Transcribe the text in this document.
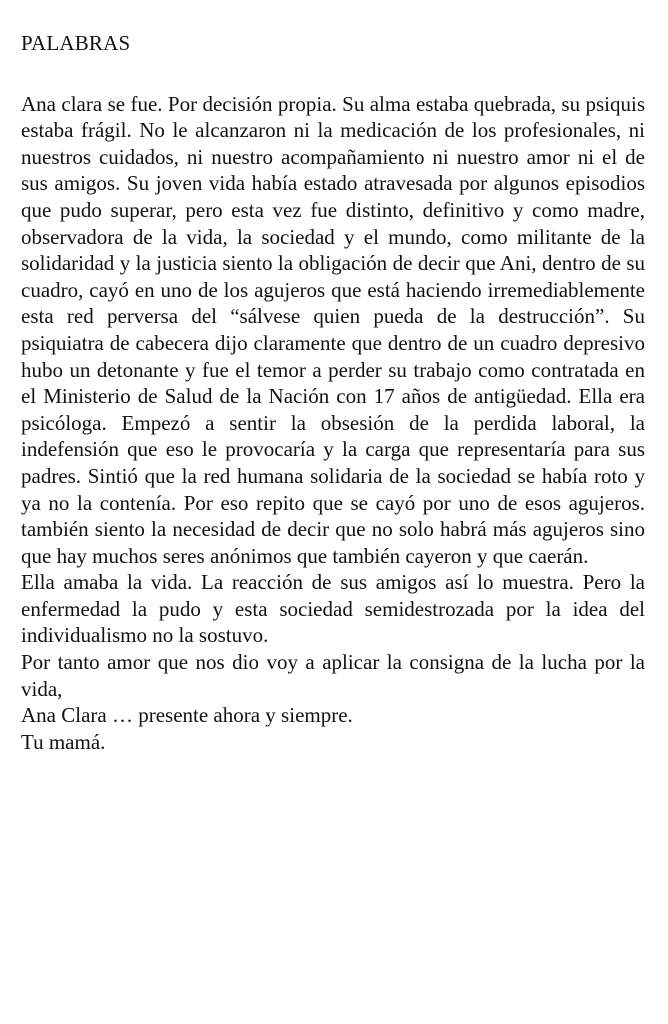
PALABRAS

Ana clara se fue. Por decisión propia. Su alma estaba quebrada, su psiquis estaba frágil. No le alcanzaron ni la medicación de los profesionales, ni nuestros cuidados, ni nuestro acompañamiento ni nuestro amor ni el de sus amigos. Su joven vida había estado atravesada por algunos episodios que pudo superar, pero esta vez fue distinto, definitivo y como madre, observadora de la vida, la sociedad y el mundo, como militante de la solidaridad y la justicia siento la obligación de decir que Ani, dentro de su cuadro, cayó en uno de los agujeros que está haciendo irremediablemente esta red perversa del “sálvese quien pueda de la destrucción”. Su psiquiatra de cabecera dijo claramente que dentro de un cuadro depresivo hubo un detonante y fue el temor a perder su trabajo como contratada en el Ministerio de Salud de la Nación con 17 años de antigüedad. Ella era psicóloga. Empezó a sentir la obsesión de la perdida laboral, la indefensión que eso le provocaría y la carga que representaría para sus padres. Sintió que la red humana solidaria de la sociedad se había roto y ya no la contenía. Por eso repito que se cayó por uno de esos agujeros. también siento la necesidad de decir que no solo habrá más agujeros sino que hay muchos seres anónimos que también cayeron y que caerán.

Ella amaba la vida. La reacción de sus amigos así lo muestra. Pero la enfermedad la pudo y esta sociedad semidestrozada por la idea del individualismo no la sostuvo.

Por tanto amor que nos dio voy a aplicar la consigna de la lucha por la vida,

Ana Clara … presente ahora y siempre.
Tu mamá.
